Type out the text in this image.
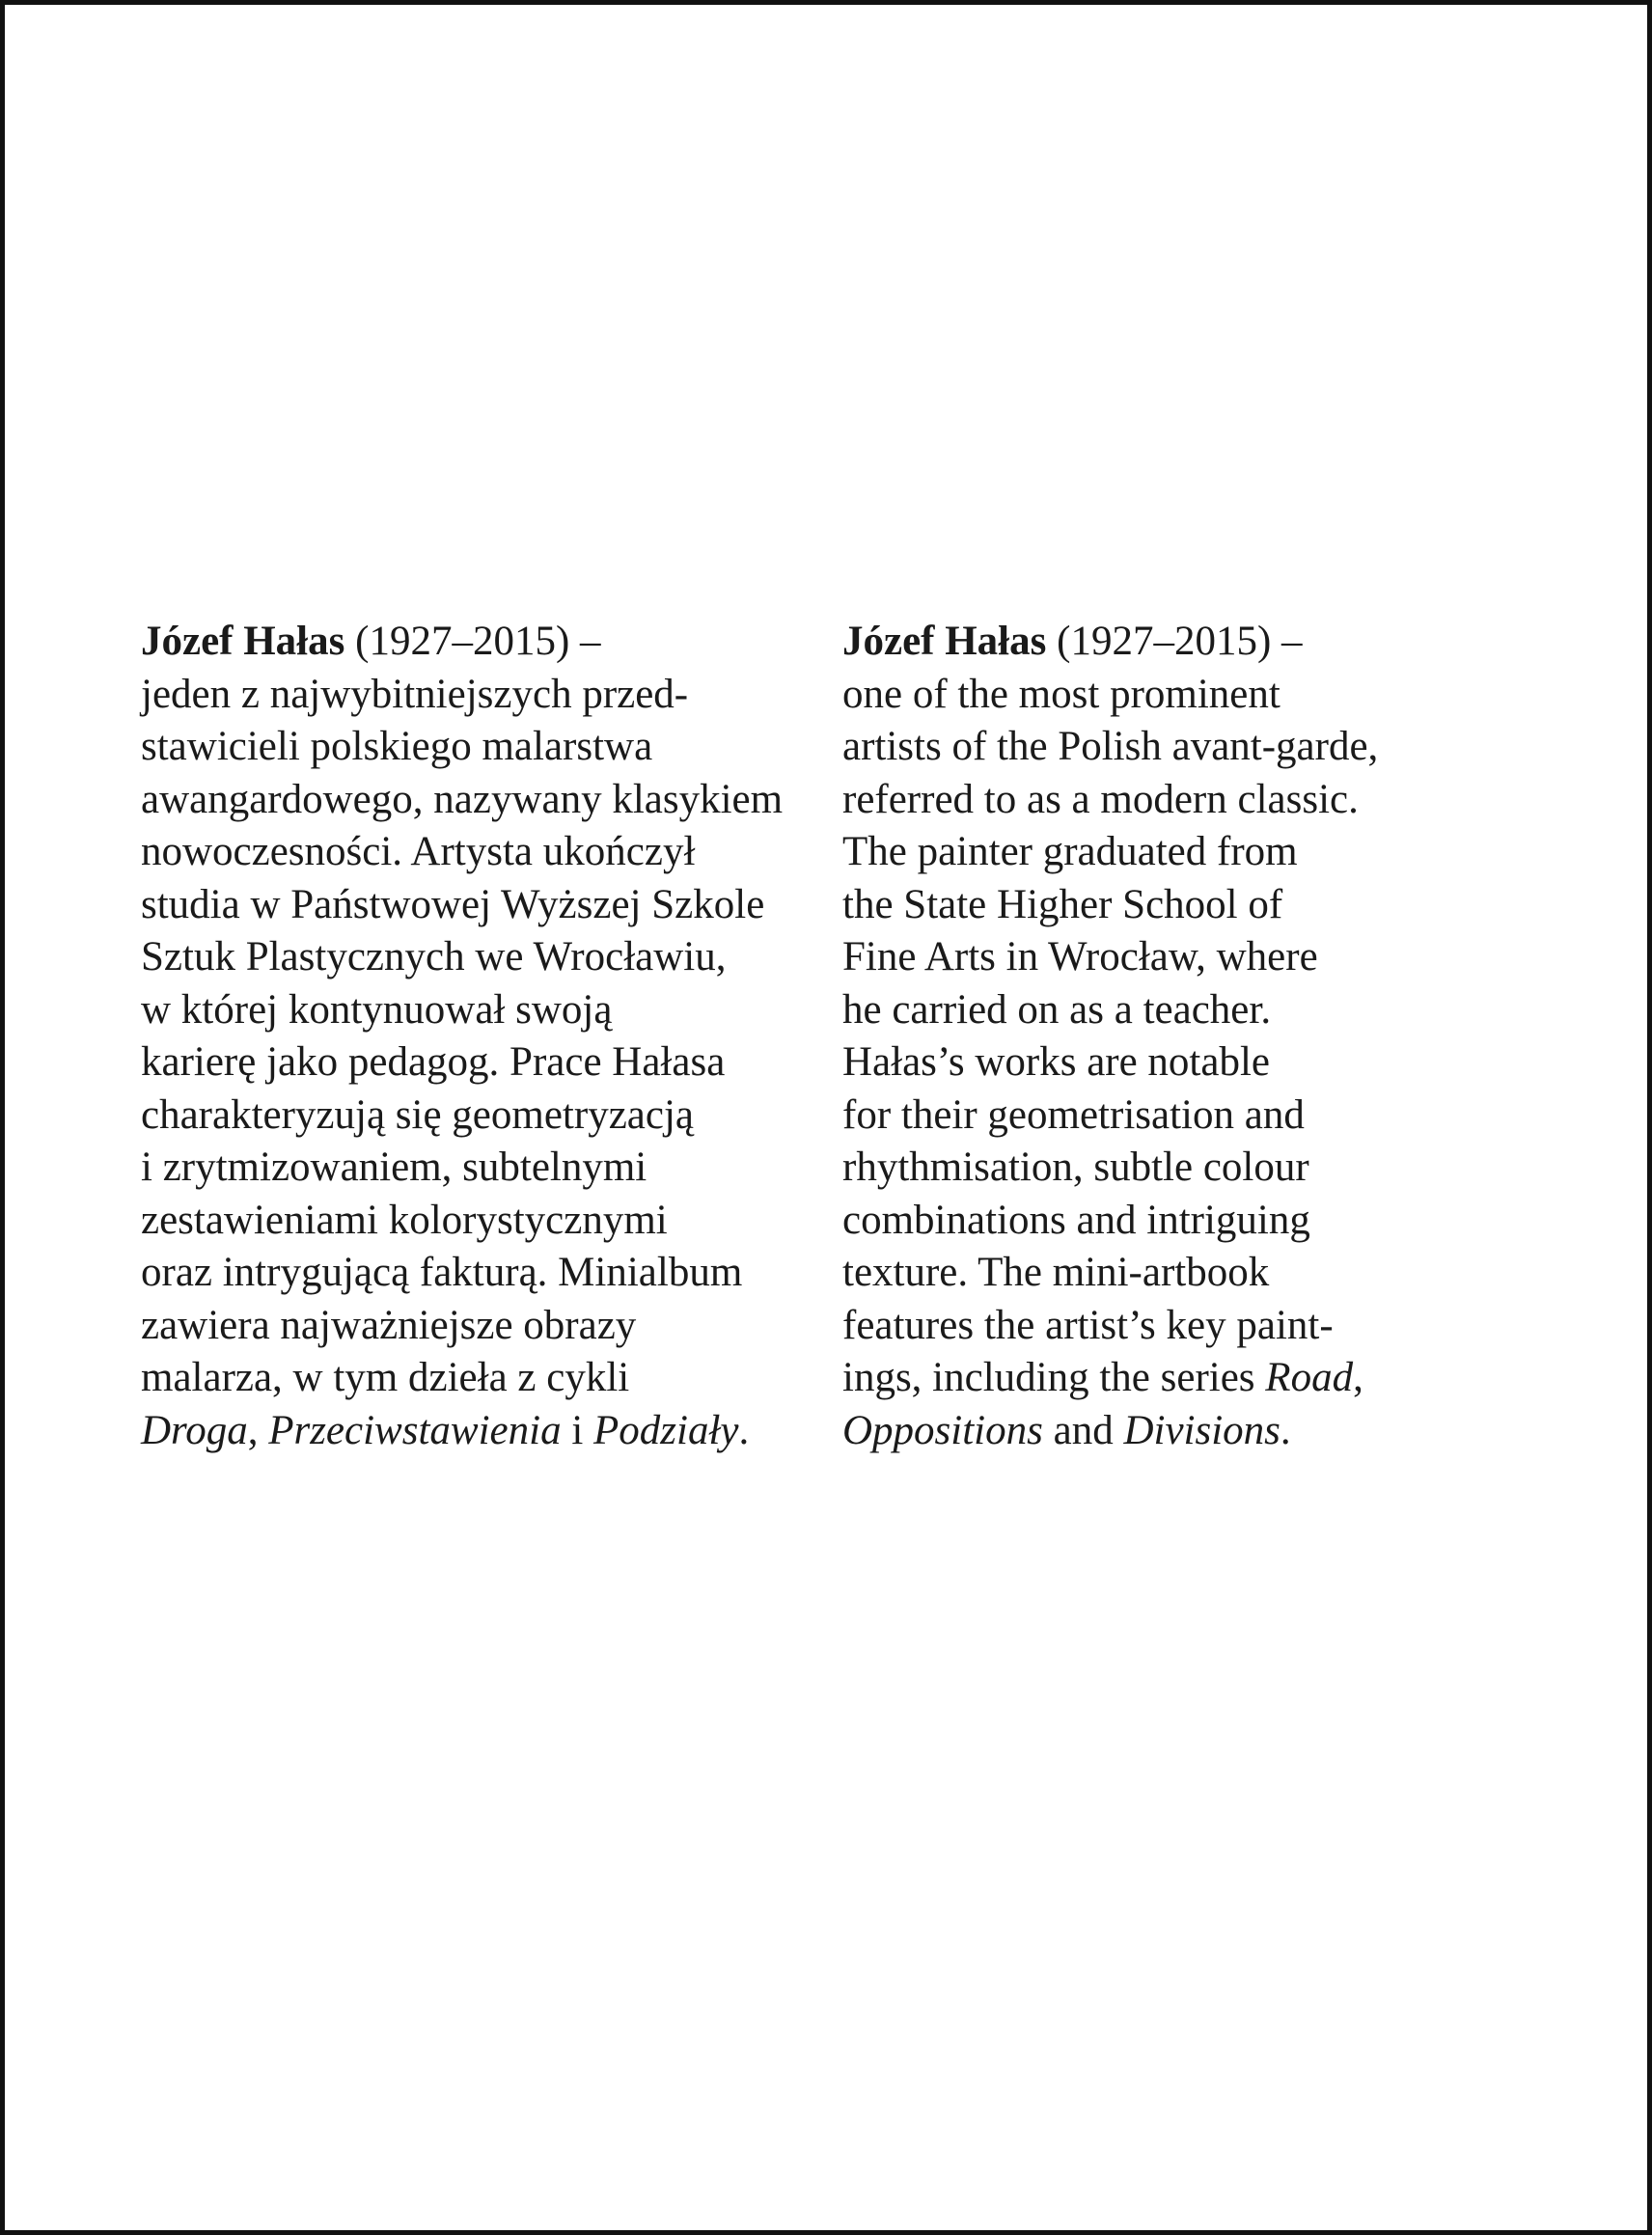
Józef Hałas (1927–2015) –
jeden z najwybitniejszych przed-
stawicieli polskiego malarstwa
awangardowego, nazywany klasykiem
nowoczesności. Artysta ukończył
studia w Państwowej Wyższej Szkole
Sztuk Plastycznych we Wrocławiu,
w której kontynuował swoją
karierę jako pedagog. Prace Hałasa
charakteryzują się geometryzacją
i zrytmizowaniem, subtelnymi
zestawieniami kolorystycznymi
oraz intrygującą fakturą. Minialbum
zawiera najważniejsze obrazy
malarza, w tym dzieła z cykli
Droga, Przeciwstawienia i Podziały.
Józef Hałas (1927–2015) –
one of the most prominent
artists of the Polish avant-garde,
referred to as a modern classic.
The painter graduated from
the State Higher School of
Fine Arts in Wrocław, where
he carried on as a teacher.
Hałas’s works are notable
for their geometrisation and
rhythmisation, subtle colour
combinations and intriguing
texture. The mini-artbook
features the artist’s key paint-
ings, including the series Road,
Oppositions and Divisions.
